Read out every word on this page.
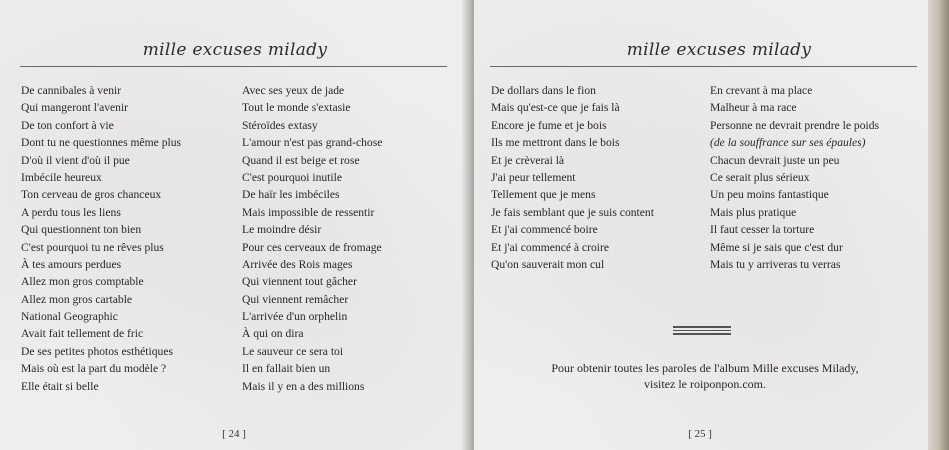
mille excuses milady
De cannibales à venir
Qui mangeront l'avenir
De ton confort à vie
Dont tu ne questionnes même plus
D'où il vient d'où il pue
Imbécile heureux
Ton cerveau de gros chanceux
A perdu tous les liens
Qui questionnent ton bien
C'est pourquoi tu ne rêves plus
À tes amours perdues
Allez mon gros comptable
Allez mon gros cartable
National Geographic
Avait fait tellement de fric
De ses petites photos esthétiques
Mais où est la part du modèle ?
Elle était si belle
Avec ses yeux de jade
Tout le monde s'extasie
Stéroïdes extasy
L'amour n'est pas grand-chose
Quand il est beige et rose
C'est pourquoi inutile
De haïr les imbéciles
Mais impossible de ressentir
Le moindre désir
Pour ces cerveaux de fromage
Arrivée des Rois mages
Qui viennent tout gâcher
Qui viennent remâcher
L'arrivée d'un orphelin
À qui on dira
Le sauveur ce sera toi
Il en fallait bien un
Mais il y en a des millions
[ 24 ]
mille excuses milady
De dollars dans le fion
Mais qu'est-ce que je fais là
Encore je fume et je bois
Ils me mettront dans le bois
Et je crèverai là
J'ai peur tellement
Tellement que je mens
Je fais semblant que je suis content
Et j'ai commencé boire
Et j'ai commencé à croire
Qu'on sauverait mon cul
En crevant à ma place
Malheur à ma race
Personne ne devrait prendre le poids
(de la souffrance sur ses épaules)
Chacun devrait juste un peu
Ce serait plus sérieux
Un peu moins fantastique
Mais plus pratique
Il faut cesser la torture
Même si je sais que c'est dur
Mais tu y arriveras tu verras
[ 25 ]
Pour obtenir toutes les paroles de l'album Mille excuses Milady,
visitez le roiponpon.com.
